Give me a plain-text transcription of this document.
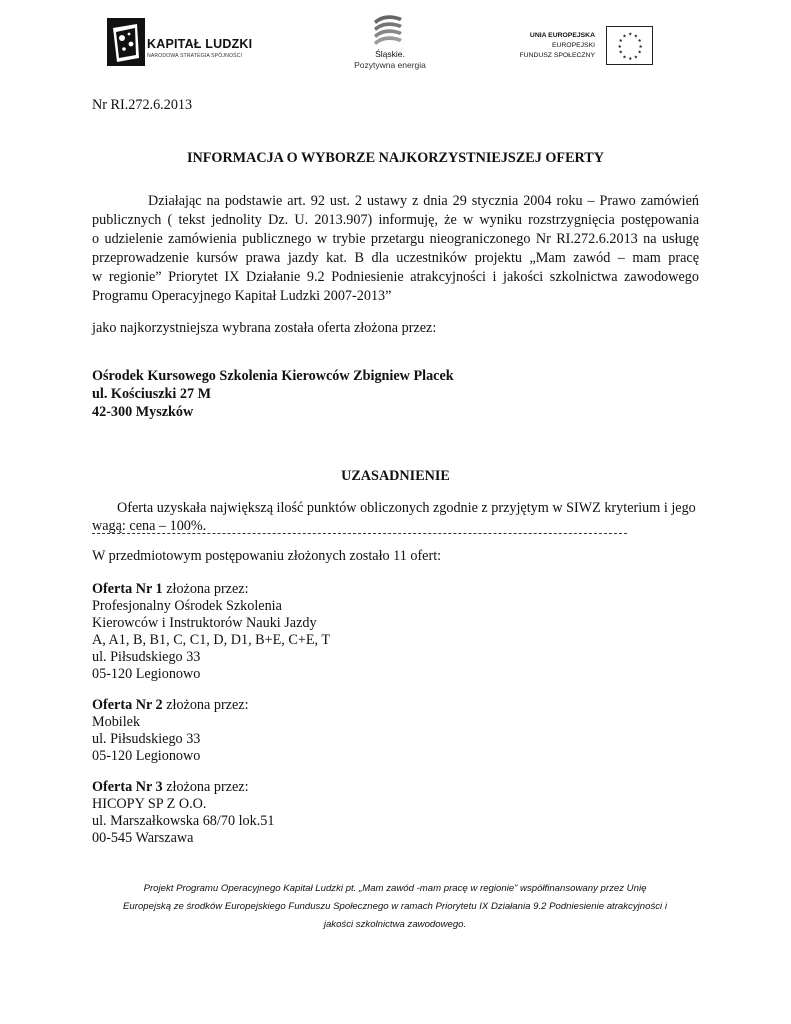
KAPITAŁ LUDZKI
NARODOWA STRATEGIA SPÓJNOŚCI	Śląskie.
Pozytywna energia
UNIA EUROPEJSKA
EUROPEJSKI
FUNDUSZ SPOŁECZNY
★ ★
★
★
★
★
★
★
★
★
★
★
Nr RI.272.6.2013
INFORMACJA O WYBORZE NAJKORZYSTNIEJSZEJ OFERTY
Działając na podstawie art. 92 ust. 2 ustawy z dnia 29 stycznia 2004 roku – Prawo zamówień
publicznych ( tekst jednolity Dz. U. 2013.907) informuję, że w wyniku rozstrzygnięcia postępowania
o udzielenie zamówienia publicznego w trybie przetargu nieograniczonego Nr RI.272.6.2013 na usługę
przeprowadzenie kursów prawa jazdy kat. B dla uczestników projektu „Mam zawód – mam pracę
w regionie” Priorytet IX Działanie 9.2 Podniesienie atrakcyjności i jakości szkolnictwa zawodowego
Programu Operacyjnego Kapitał Ludzki 2007-2013”
jako najkorzystniejsza wybrana została oferta złożona przez:
Ośrodek Kursowego Szkolenia Kierowców Zbigniew Placek
ul. Kościuszki 27 M
42-300 Myszków
UZASADNIENIE
Oferta uzyskała największą ilość punktów obliczonych zgodnie z przyjętym w SIWZ kryterium i jego
wagą: cena – 100%.
W przedmiotowym postępowaniu złożonych zostało 11 ofert:
Oferta Nr 1 złożona przez:
Profesjonalny Ośrodek Szkolenia
Kierowców i Instruktorów Nauki Jazdy
A, A1, B, B1, C, C1, D, D1, B+E, C+E, T
ul. Piłsudskiego 33
05-120 Legionowo
Oferta Nr 2 złożona przez:
Mobilek
ul. Piłsudskiego 33
05-120 Legionowo
Oferta Nr 3 złożona przez:
HICOPY SP Z O.O.
ul. Marszałkowska 68/70 lok.51
00-545 Warszawa
Projekt Programu Operacyjnego Kapitał Ludzki pt. „Mam zawód -mam pracę w regionie” współfinansowany przez Unię
Europejską ze środków Europejskiego Funduszu Społecznego w ramach Priorytetu IX Działania 9.2 Podniesienie atrakcyjności i
jakości szkolnictwa zawodowego.
